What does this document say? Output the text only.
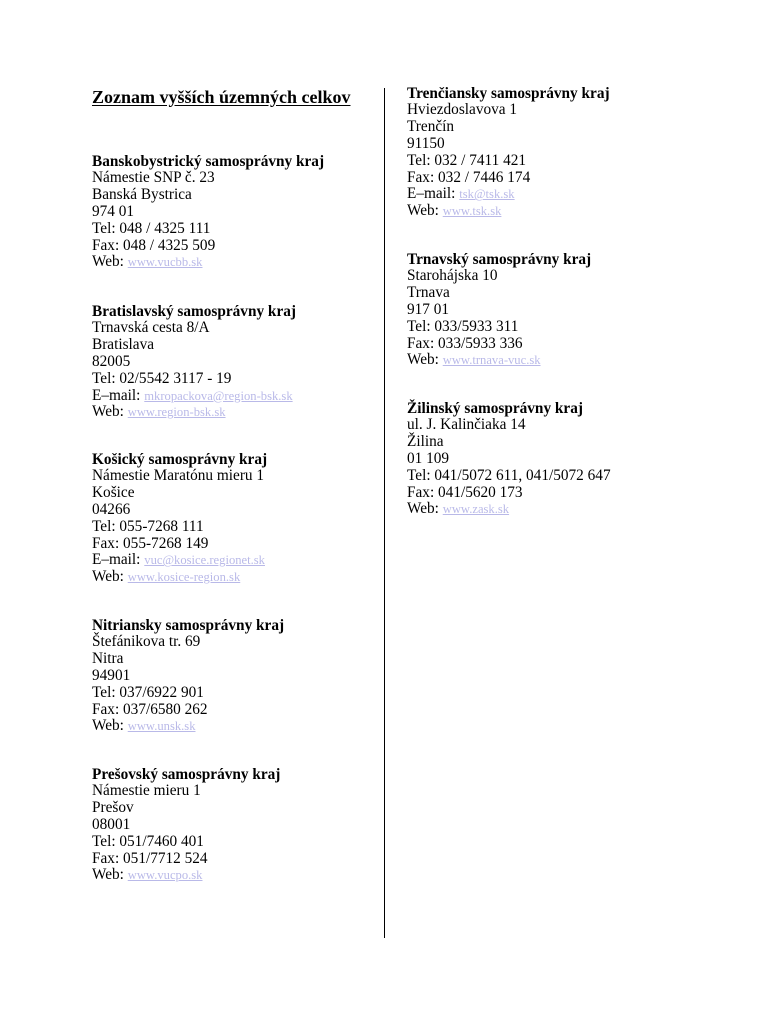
Zoznam vyšších územných celkov
Banskobystrický samosprávny kraj
Námestie SNP č. 23
Banská Bystrica
974 01
Tel: 048 / 4325 111
Fax: 048 / 4325 509
Web: www.vucbb.sk
Bratislavský samosprávny kraj
Trnavská cesta 8/A
Bratislava
82005
Tel: 02/5542 3117 - 19
E–mail: mkropackova@region-bsk.sk
Web: www.region-bsk.sk
Košický samosprávny kraj
Námestie Maratónu mieru 1
Košice
04266
Tel: 055-7268 111
Fax: 055-7268 149
E–mail: vuc@kosice.regionet.sk
Web: www.kosice-region.sk
Nitriansky samosprávny kraj
Štefánikova tr. 69
Nitra
94901
Tel: 037/6922 901
Fax: 037/6580 262
Web: www.unsk.sk
Prešovský samosprávny kraj
Námestie mieru 1
Prešov
08001
Tel: 051/7460 401
Fax: 051/7712 524
Web: www.vucpo.sk
Trenčiansky samosprávny kraj
Hviezdoslavova 1
Trenčín
91150
Tel: 032 / 7411 421
Fax: 032 / 7446 174
E–mail: tsk@tsk.sk
Web: www.tsk.sk
Trnavský samosprávny kraj
Starohájska 10
Trnava
917 01
Tel: 033/5933 311
Fax: 033/5933 336
Web: www.trnava-vuc.sk
Žilinský samosprávny kraj
ul. J. Kalinčiaka 14
Žilina
01 109
Tel: 041/5072 611, 041/5072 647
Fax: 041/5620 173
Web: www.zask.sk
